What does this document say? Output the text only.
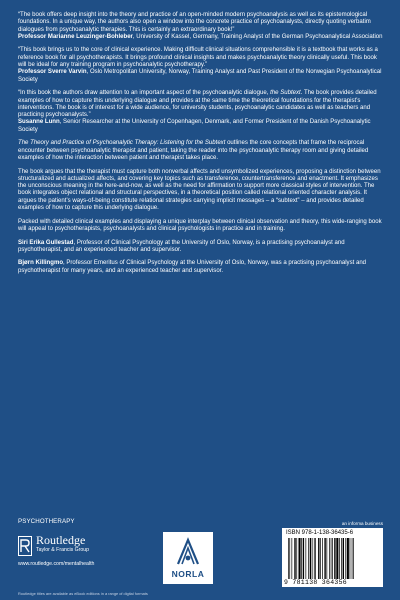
“The book offers deep insight into the theory and practice of an open-minded modern psychoanalysis as well as its epistemological foundations. In a unique way, the authors also open a window into the concrete practice of psychoanalysts, directly quoting verbatim dialogues from psychoanalytic therapies. This is certainly an extraordinary book!”

Professor Marianne Leuzinger-Bohleber, University of Kassel, Germany, Training Analyst of the German Psychoanalytical Association

“This book brings us to the core of clinical experience. Making difficult clinical situations comprehensible it is a textbook that works as a reference book for all psychotherapists. It brings profound clinical insights and makes psychoanalytic theory clinically useful. This book will be ideal for any training program in psychoanalytic psychotherapy.”

Professor Sverre Varvin, Oslo Metropolitan University, Norway, Training Analyst and Past President of the Norwegian Psychoanalytical Society

“In this book the authors draw attention to an important aspect of the psychoanalytic dialogue, the Subtext. The book provides detailed examples of how to capture this underlying dialogue and provides at the same time the theoretical foundations for the therapist’s interventions. The book is of interest for a wide audience, for university students, psychoanalytic candidates as well as teachers and practicing psychoanalysts.”

Susanne Lunn, Senior Researcher at the University of Copenhagen, Denmark, and Former President of the Danish Psychoanalytic Society

The Theory and Practice of Psychoanalytic Therapy: Listening for the Subtext outlines the core concepts that frame the reciprocal encounter between psychoanalytic therapist and patient, taking the reader into the psychoanalytic therapy room and giving detailed examples of how the interaction between patient and therapist takes place.

The book argues that the therapist must capture both nonverbal affects and unsymbolized experiences, proposing a distinction between structuralized and actualized affects, and covering key topics such as transference, countertransference and enactment. It emphasizes the unconscious meaning in the here-and-now, as well as the need for affirmation to support more classical styles of intervention. The book integrates object relational and structural perspectives, in a theoretical position called relational oriented character analysis. It argues the patient’s ways-of-being constitute relational strategies carrying implicit messages – a “subtext” – and provides detailed examples of how to capture this underlying dialogue.

Packed with detailed clinical examples and displaying a unique interplay between clinical observation and theory, this wide-ranging book will appeal to psychotherapists, psychoanalysts and clinical psychologists in practice and in training.

Siri Erika Gullestad, Professor of Clinical Psychology at the University of Oslo, Norway, is a practising psychoanalyst and psychotherapist, and an experienced teacher and supervisor.

Bjørn Killingmo, Professor Emeritus of Clinical Psychology at the University of Oslo, Norway, was a practising psychoanalyst and psychotherapist for many years, and an experienced teacher and supervisor.

PSYCHOTHERAPY
Routledge
Taylor & Francis Group
www.routledge.com/mentalhealth
NORLA
an informa business
ISBN 978-1-138-36435-6
9 781138 364356
Routledge titles are available as eBook editions in a range of digital formats
